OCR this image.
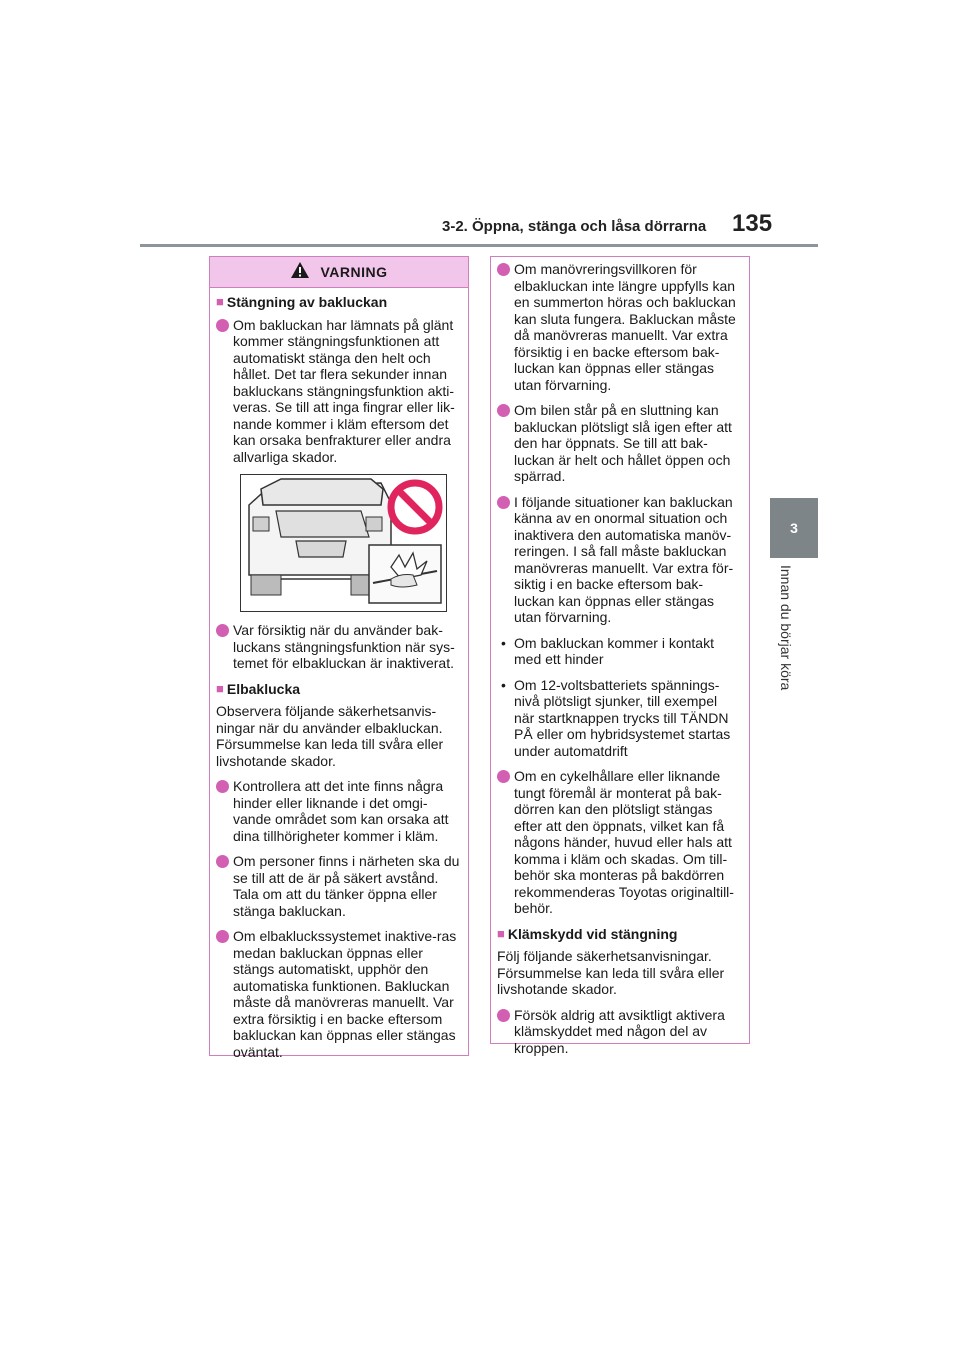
3-2. Öppna, stänga och låsa dörrarna 135
3
Innan du börjar köra
VARNING
■ Stängning av bakluckan
Om bakluckan har lämnats på glänt kommer stängningsfunktionen att automatiskt stänga den helt och hållet. Det tar flera sekunder innan bakluckans stängningsfunktion akti-veras. Se till att inga fingrar eller lik-nande kommer i kläm eftersom det kan orsaka benfrakturer eller andra allvarliga skador.
Var försiktig när du använder bak-luckans stängningsfunktion när sys-temet för elbakluckan är inaktiverat.
■ Elbaklucka
Observera följande säkerhetsanvis-ningar när du använder elbakluckan. Försummelse kan leda till svåra eller livshotande skador.
Kontrollera att det inte finns några hinder eller liknande i det omgi-vande området som kan orsaka att dina tillhörigheter kommer i kläm.
Om personer finns i närheten ska du se till att de är på säkert avstånd. Tala om att du tänker öppna eller stänga bakluckan.
Om elbakluckssystemet inaktive-ras medan bakluckan öppnas eller stängs automatiskt, upphör den automatiska funktionen. Bakluckan måste då manövreras manuellt. Var extra försiktig i en backe eftersom bakluckan kan öppnas eller stängas oväntat.
Om manövreringsvillkoren för elbakluckan inte längre uppfylls kan en summerton höras och bakluckan kan sluta fungera. Bakluckan måste då manövreras manuellt. Var extra försiktig i en backe eftersom bak-luckan kan öppnas eller stängas utan förvarning.
Om bilen står på en sluttning kan bakluckan plötsligt slå igen efter att den har öppnats. Se till att bak-luckan är helt och hållet öppen och spärrad.
I följande situationer kan bakluckan känna av en onormal situation och inaktivera den automatiska manöv-reringen. I så fall måste bakluckan manövreras manuellt. Var extra för-siktig i en backe eftersom bak-luckan kan öppnas eller stängas utan förvarning.
• Om bakluckan kommer i kontakt med ett hinder
• Om 12-voltsbatteriets spännings-nivå plötsligt sjunker, till exempel när startknappen trycks till TÄNDN PÅ eller om hybridsystemet startas under automatdrift
Om en cykelhållare eller liknande tungt föremål är monterat på bak-dörren kan den plötsligt stängas efter att den öppnats, vilket kan få någons händer, huvud eller hals att komma i kläm och skadas. Om till-behör ska monteras på bakdörren rekommenderas Toyotas originaltill-behör.
■ Klämskydd vid stängning
Följ följande säkerhetsanvisningar. Försummelse kan leda till svåra eller livshotande skador.
Försök aldrig att avsiktligt aktivera klämskyddet med någon del av kroppen.
